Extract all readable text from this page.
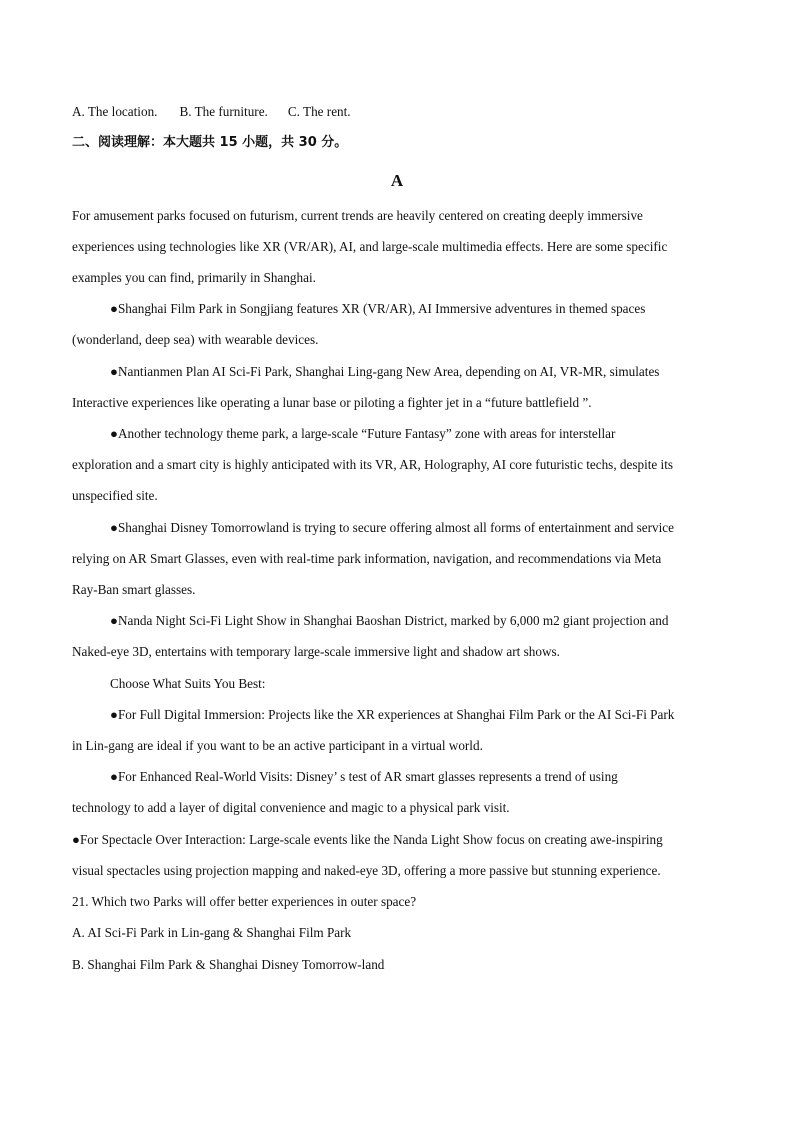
A. The location. B. The furniture. C. The rent.
二、阅读理解：本大题共 15 小题，共 30 分。
A
For amusement parks focused on futurism, current trends are heavily centered on creating deeply immersive
experiences using technologies like XR (VR/AR), AI, and large-scale multimedia effects. Here are some specific
examples you can find, primarily in Shanghai.
●Shanghai Film Park in Songjiang features XR (VR/AR), AI Immersive adventures in themed spaces
(wonderland, deep sea) with wearable devices.
●Nantianmen Plan AI Sci-Fi Park, Shanghai Ling-gang New Area, depending on AI, VR-MR, simulates
Interactive experiences like operating a lunar base or piloting a fighter jet in a “future battlefield ”.
●Another technology theme park, a large-scale “Future Fantasy” zone with areas for interstellar
exploration and a smart city is highly anticipated with its VR, AR, Holography, AI core futuristic techs, despite its
unspecified site.
●Shanghai Disney Tomorrowland is trying to secure offering almost all forms of entertainment and service
relying on AR Smart Glasses, even with real-time park information, navigation, and recommendations via Meta
Ray-Ban smart glasses.
●Nanda Night Sci-Fi Light Show in Shanghai Baoshan District, marked by 6,000 m2 giant projection and
Naked-eye 3D, entertains with temporary large-scale immersive light and shadow art shows.
Choose What Suits You Best:
●For Full Digital Immersion: Projects like the XR experiences at Shanghai Film Park or the AI Sci-Fi Park
in Lin-gang are ideal if you want to be an active participant in a virtual world.
●For Enhanced Real-World Visits: Disney’ s test of AR smart glasses represents a trend of using
technology to add a layer of digital convenience and magic to a physical park visit.
●For Spectacle Over Interaction: Large-scale events like the Nanda Light Show focus on creating awe-inspiring
visual spectacles using projection mapping and naked-eye 3D, offering a more passive but stunning experience.
21. Which two Parks will offer better experiences in outer space?
A. AI Sci-Fi Park in Lin-gang & Shanghai Film Park
B. Shanghai Film Park & Shanghai Disney Tomorrow-land
